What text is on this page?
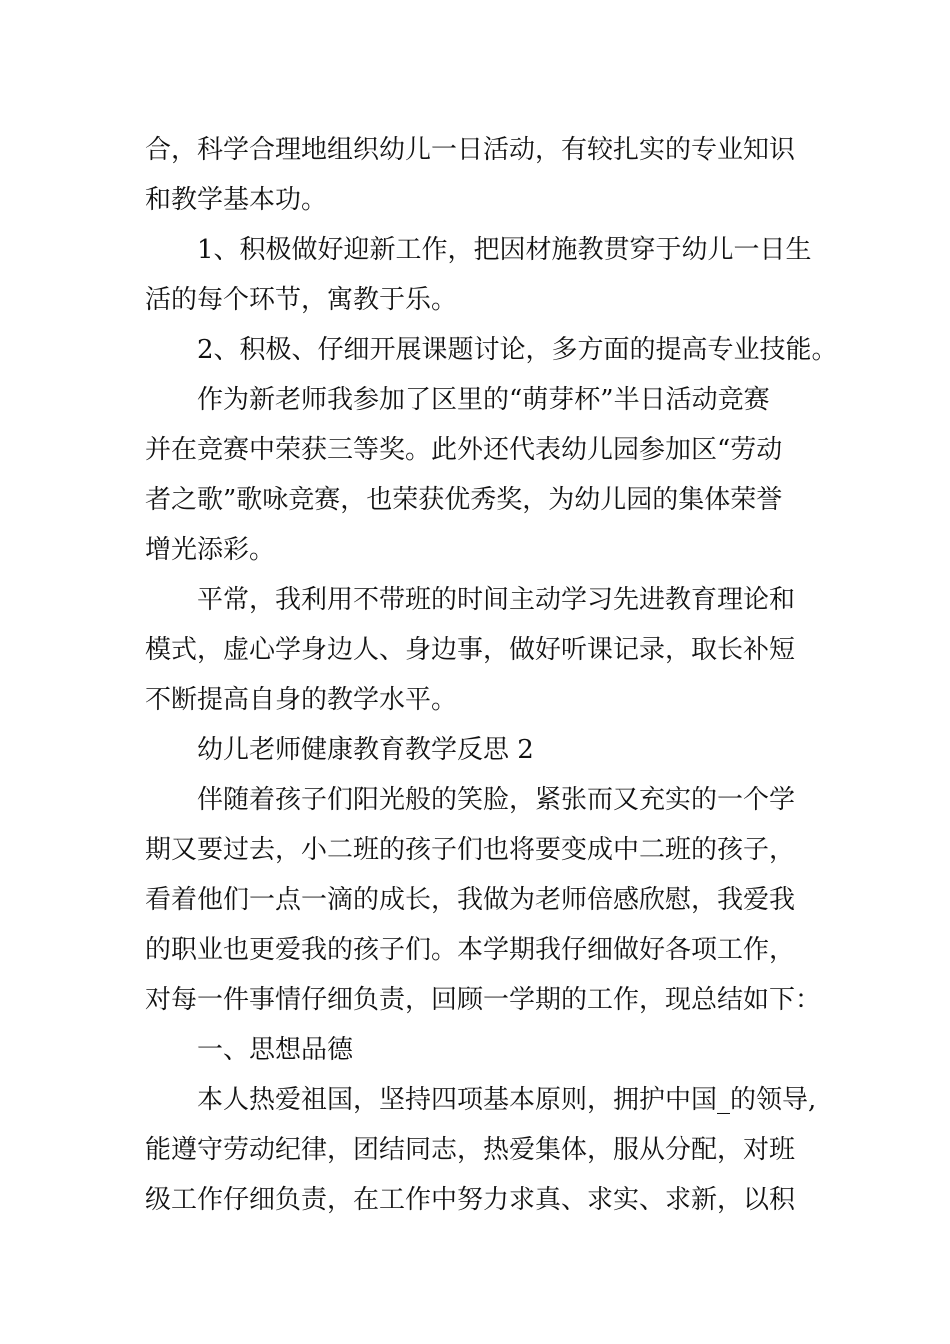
合，科学合理地组织幼儿一日活动，有较扎实的专业知识
和教学基本功。
1、积极做好迎新工作，把因材施教贯穿于幼儿一日生
活的每个环节，寓教于乐。
2、积极、仔细开展课题讨论，多方面的提高专业技能。
作为新老师我参加了区里的“萌芽杯”半日活动竞赛
并在竞赛中荣获三等奖。此外还代表幼儿园参加区“劳动
者之歌”歌咏竞赛，也荣获优秀奖，为幼儿园的集体荣誉
增光添彩。
平常，我利用不带班的时间主动学习先进教育理论和
模式，虚心学身边人、身边事，做好听课记录，取长补短
不断提高自身的教学水平。
幼儿老师健康教育教学反思 2
伴随着孩子们阳光般的笑脸，紧张而又充实的一个学
期又要过去，小二班的孩子们也将要变成中二班的孩子，
看着他们一点一滴的成长，我做为老师倍感欣慰，我爱我
的职业也更爱我的孩子们。本学期我仔细做好各项工作，
对每一件事情仔细负责，回顾一学期的工作，现总结如下：
一、思想品德
本人热爱祖国，坚持四项基本原则，拥护中国_的领导,
能遵守劳动纪律，团结同志，热爱集体，服从分配，对班
级工作仔细负责，在工作中努力求真、求实、求新，以积
